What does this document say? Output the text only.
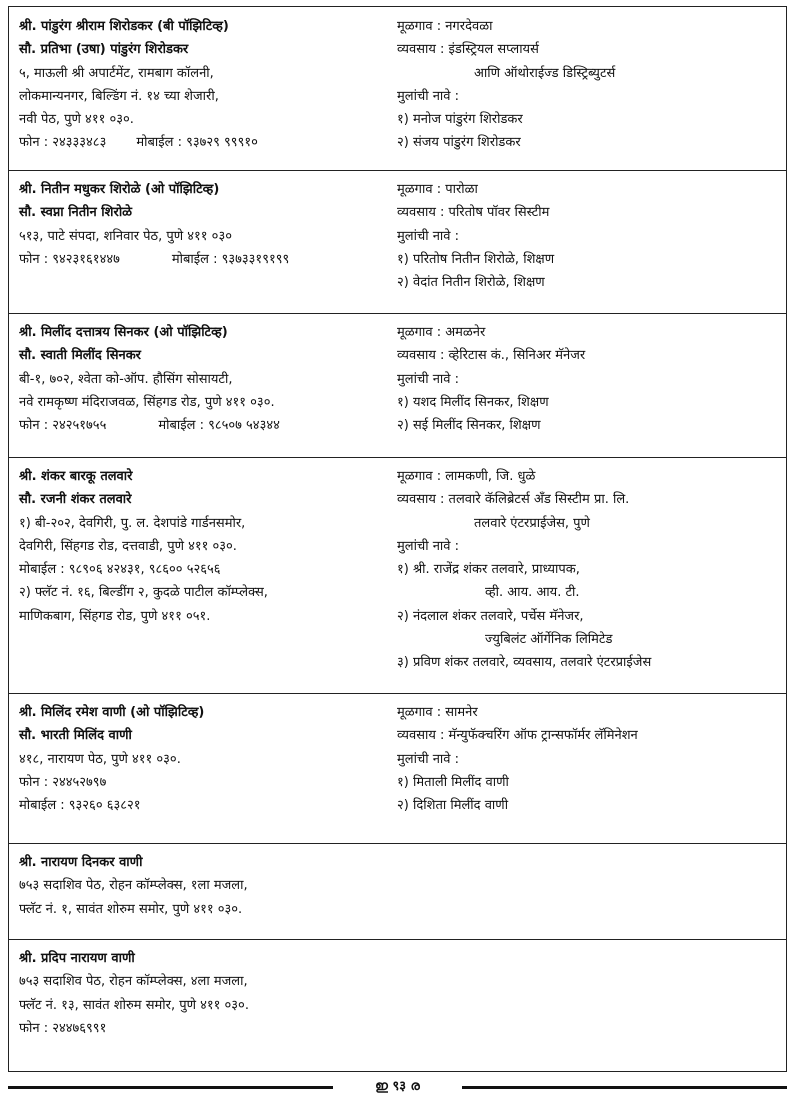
श्री. पांडुरंग श्रीराम शिरोडकर (बी पॉझिटिव्ह)
सौ. प्रतिभा (उषा) पांडुरंग शिरोडकर
५, माऊली श्री अपार्टमेंट, रामबाग कॉलनी,
लोकमान्यनगर, बिल्डिंग नं. १४ च्या शेजारी,
नवी पेठ, पुणे ४११ ०३०.
फोन : २४३३३४८३ मोबाईल : ९३७२९ ९९९१०
मूळगाव : नगरदेवळा
व्यवसाय : इंडस्ट्रियल सप्लायर्स
आणि ऑथोराईज्ड डिस्ट्रिब्युटर्स
मुलांची नावे :
१) मनोज पांडुरंग शिरोडकर
२) संजय पांडुरंग शिरोडकर
श्री. नितीन मधुकर शिरोळे (ओ पॉझिटिव्ह)
सौ. स्वप्ना नितीन शिरोळे
५१३, पाटे संपदा, शनिवार पेठ, पुणे ४११ ०३०
फोन : ९४२३१६१४४७	मोबाईल : ९३७३३१९१९९
मूळगाव : पारोळा
व्यवसाय : परितोष पॉवर सिस्टीम
मुलांची नावे :
१) परितोष नितीन शिरोळे, शिक्षण
२) वेदांत नितीन शिरोळे, शिक्षण
श्री. मिलींद दत्तात्रय सिनकर (ओ पॉझिटिव्ह)
सौ. स्वाती मिलींद सिनकर
बी-१, ७०२, श्वेता को-ऑप. हौसिंग सोसायटी,
नवे रामकृष्ण मंदिराजवळ, सिंहगड रोड, पुणे ४११ ०३०.
फोन : २४२५१७५५	मोबाईल : ९८५०७ ५४३४४
मूळगाव : अमळनेर
व्यवसाय : व्हेरिटास कं., सिनिअर मॅनेजर
मुलांची नावे :
१) यशद मिलींद सिनकर, शिक्षण
२) सई मिलींद सिनकर, शिक्षण
श्री. शंकर बारकू तलवारे
सौ. रजनी शंकर तलवारे
१) बी-२०२, देवगिरी, पु. ल. देशपांडे गार्डनसमोर,
देवगिरी, सिंहगड रोड, दत्तवाडी, पुणे ४११ ०३०.
मोबाईल : ९८९०६ ४२४३१, ९८६०० ५२६५६
२) फ्लॅट नं. १६, बिल्डींग २, कुदळे पाटील कॉम्प्लेक्स,
माणिकबाग, सिंहगड रोड, पुणे ४११ ०५१.
मूळगाव : लामकणी, जि. धुळे
व्यवसाय : तलवारे कॅलिब्रेटर्स अँड सिस्टीम प्रा. लि.
तलवारे एंटरप्राईजेस, पुणे
मुलांची नावे :
१) श्री. राजेंद्र शंकर तलवारे, प्राध्यापक,
व्ही. आय. आय. टी.
२) नंदलाल शंकर तलवारे, पर्चेस मॅनेजर,
ज्युबिलंट ऑर्गेनिक लिमिटेड
३) प्रविण शंकर तलवारे, व्यवसाय, तलवारे एंटरप्राईजेस
श्री. मिलिंद रमेश वाणी (ओ पॉझिटिव्ह)
सौ. भारती मिलिंद वाणी
४१८, नारायण पेठ, पुणे ४११ ०३०.
फोन : २४४५२७९७
मोबाईल : ९३२६० ६३८२१
मूळगाव : सामनेर
व्यवसाय : मॅन्युफॅक्चरिंग ऑफ ट्रान्सफॉर्मर लॅमिनेशन
मुलांची नावे :
१) मिताली मिलींद वाणी
२) दिशिता मिलींद वाणी
श्री. नारायण दिनकर वाणी
७५३ सदाशिव पेठ, रोहन कॉम्प्लेक्स, १ला मजला,
फ्लॅट नं. १, सावंत शोरुम समोर, पुणे ४११ ०३०.
श्री. प्रदिप नारायण वाणी
७५३ सदाशिव पेठ, रोहन कॉम्प्लेक्स, ४ला मजला,
फ्लॅट नं. १३, सावंत शोरुम समोर, पुणे ४११ ०३०.
फोन : २४४७६९९१
ഇ ९३ ര
